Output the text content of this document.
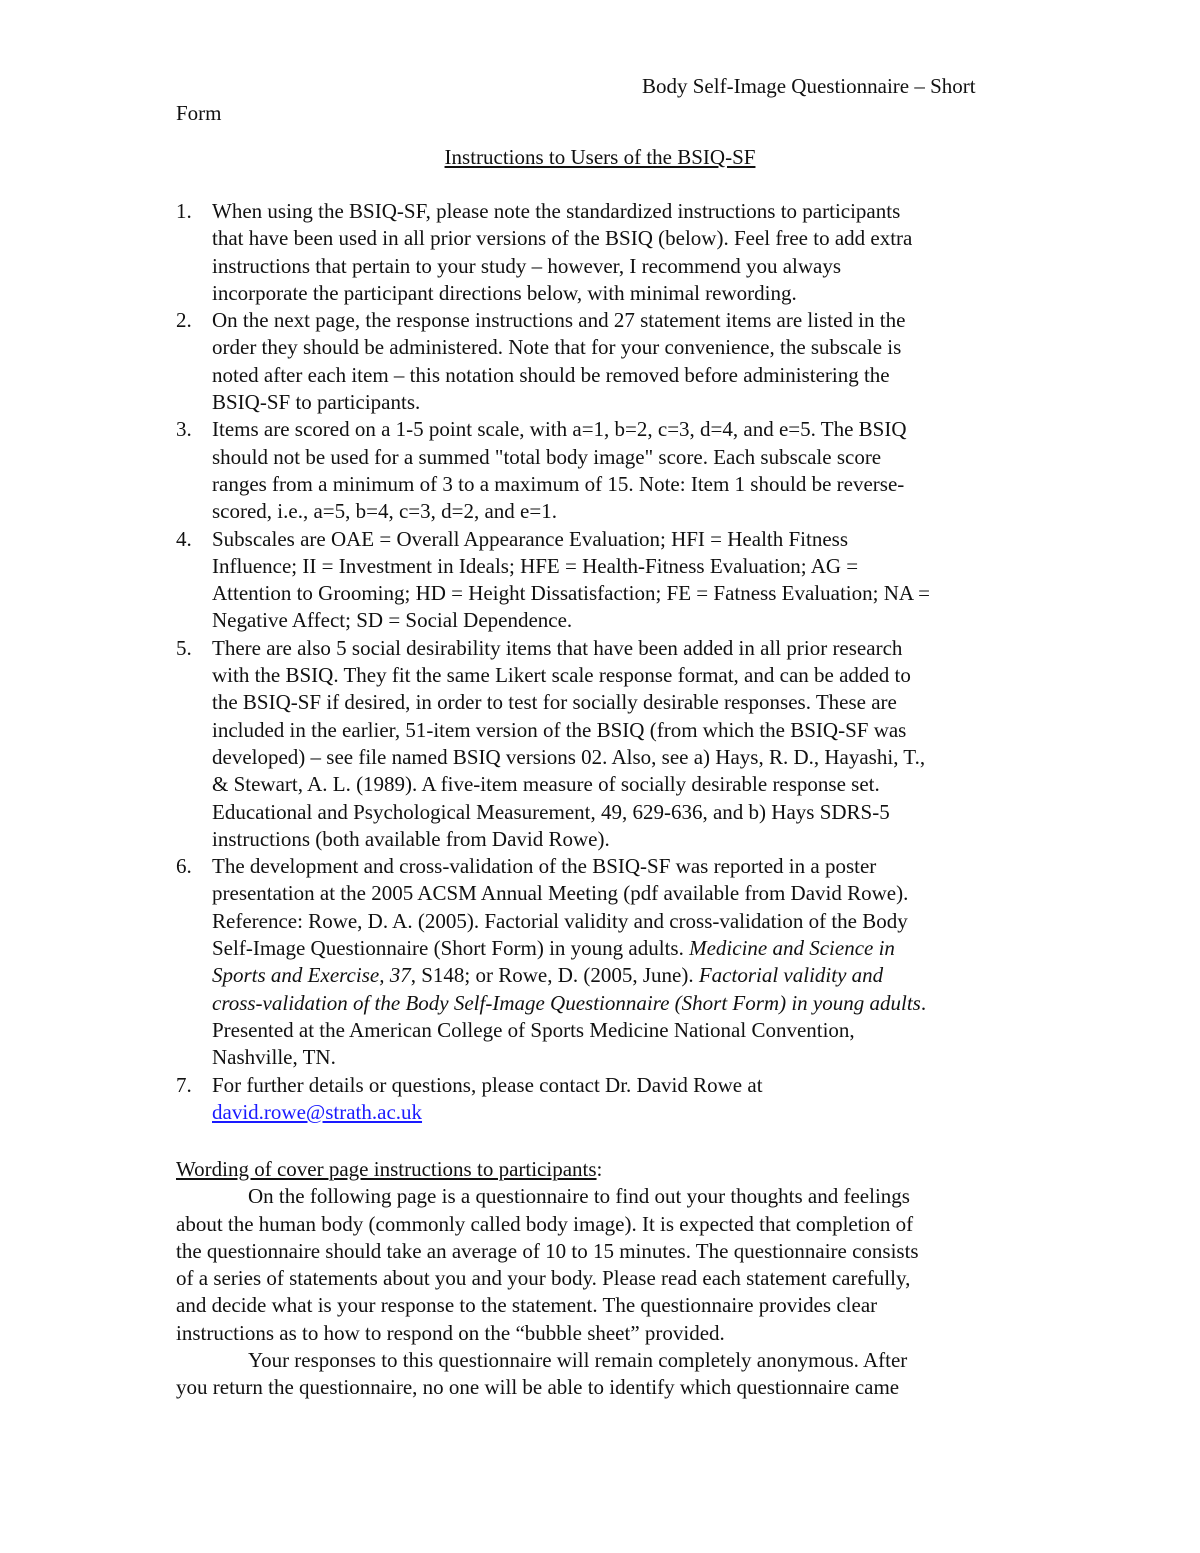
Body Self-Image Questionnaire – Short
Form
Instructions to Users of the BSIQ-SF
1. When using the BSIQ-SF, please note the standardized instructions to participants
that have been used in all prior versions of the BSIQ (below). Feel free to add extra
instructions that pertain to your study – however, I recommend you always
incorporate the participant directions below, with minimal rewording.
2. On the next page, the response instructions and 27 statement items are listed in the
order they should be administered. Note that for your convenience, the subscale is
noted after each item – this notation should be removed before administering the
BSIQ-SF to participants.
3. Items are scored on a 1-5 point scale, with a=1, b=2, c=3, d=4, and e=5. The BSIQ
should not be used for a summed "total body image" score. Each subscale score
ranges from a minimum of 3 to a maximum of 15. Note: Item 1 should be reverse-
scored, i.e., a=5, b=4, c=3, d=2, and e=1.
4. Subscales are OAE = Overall Appearance Evaluation; HFI = Health Fitness
Influence; II = Investment in Ideals; HFE = Health-Fitness Evaluation; AG =
Attention to Grooming; HD = Height Dissatisfaction; FE = Fatness Evaluation; NA =
Negative Affect; SD = Social Dependence.
5. There are also 5 social desirability items that have been added in all prior research
with the BSIQ. They fit the same Likert scale response format, and can be added to
the BSIQ-SF if desired, in order to test for socially desirable responses. These are
included in the earlier, 51-item version of the BSIQ (from which the BSIQ-SF was
developed) – see file named BSIQ versions 02. Also, see a) Hays, R. D., Hayashi, T.,
& Stewart, A. L. (1989). A five-item measure of socially desirable response set.
Educational and Psychological Measurement, 49, 629-636, and b) Hays SDRS-5
instructions (both available from David Rowe).
6. The development and cross-validation of the BSIQ-SF was reported in a poster
presentation at the 2005 ACSM Annual Meeting (pdf available from David Rowe).
Reference: Rowe, D. A. (2005). Factorial validity and cross-validation of the Body
Self-Image Questionnaire (Short Form) in young adults. Medicine and Science in
Sports and Exercise, 37, S148; or Rowe, D. (2005, June). Factorial validity and
cross-validation of the Body Self-Image Questionnaire (Short Form) in young adults.
Presented at the American College of Sports Medicine National Convention,
Nashville, TN.
7. For further details or questions, please contact Dr. David Rowe at
david.rowe@strath.ac.uk
Wording of cover page instructions to participants:
On the following page is a questionnaire to find out your thoughts and feelings
about the human body (commonly called body image). It is expected that completion of
the questionnaire should take an average of 10 to 15 minutes. The questionnaire consists
of a series of statements about you and your body. Please read each statement carefully,
and decide what is your response to the statement. The questionnaire provides clear
instructions as to how to respond on the “bubble sheet” provided.
Your responses to this questionnaire will remain completely anonymous. After
you return the questionnaire, no one will be able to identify which questionnaire came
